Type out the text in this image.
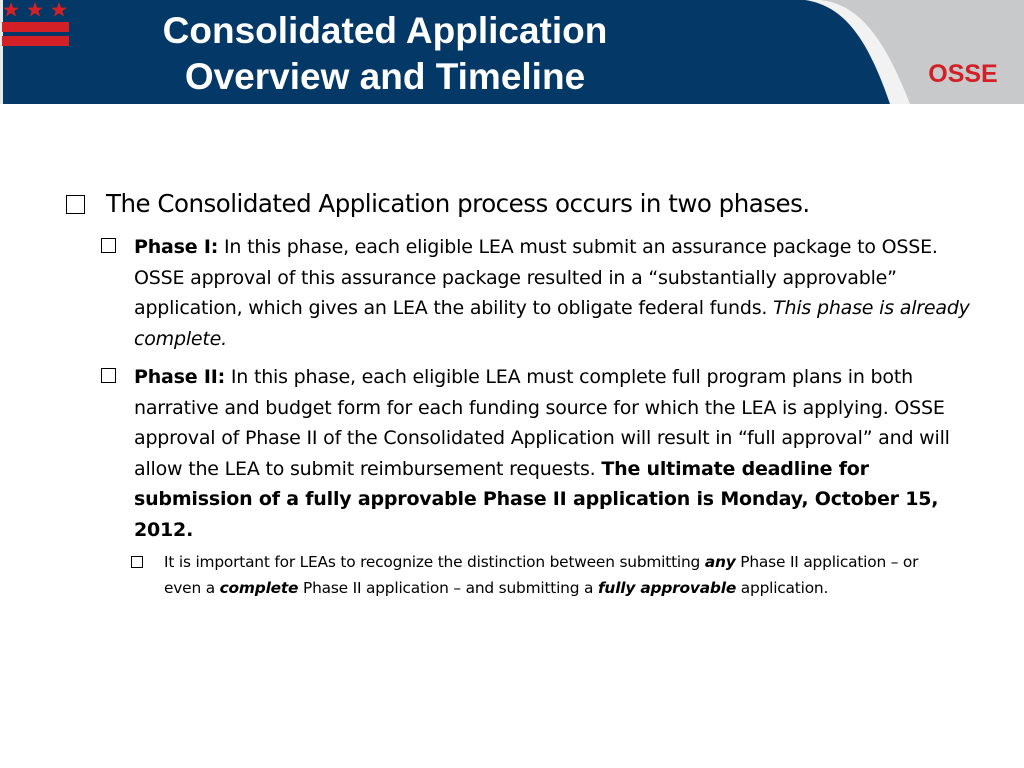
Consolidated Application
Overview and Timeline	OSSE
The Consolidated Application process occurs in two phases.
Phase I: In this phase, each eligible LEA must submit an assurance package to OSSE. OSSE approval of this assurance package resulted in a “substantially approvable” application, which gives an LEA the ability to obligate federal funds. This phase is already complete.
Phase II: In this phase, each eligible LEA must complete full program plans in both narrative and budget form for each funding source for which the LEA is applying. OSSE approval of Phase II of the Consolidated Application will result in “full approval” and will allow the LEA to submit reimbursement requests. The ultimate deadline for submission of a fully approvable Phase II application is Monday, October 15, 2012.
It is important for LEAs to recognize the distinction between submitting any Phase II application – or even a complete Phase II application – and submitting a fully approvable application.
